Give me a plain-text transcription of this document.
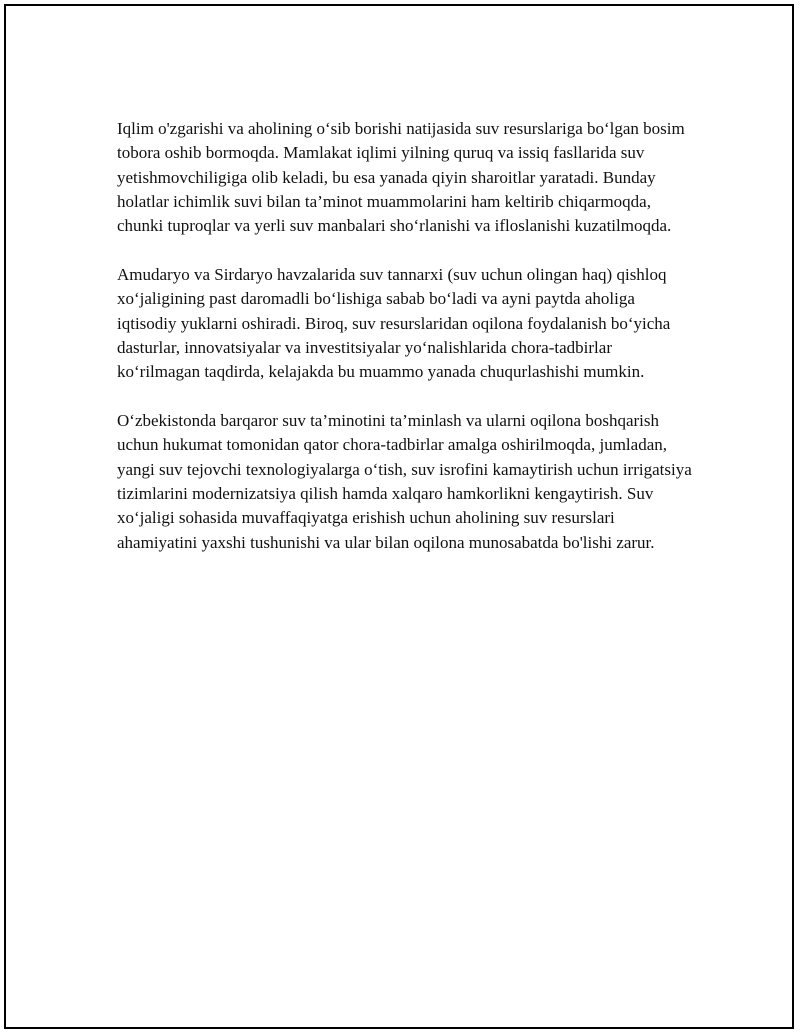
Iqlim o'zgarishi va aholining o‘sib borishi natijasida suv resurslariga bo‘lgan bosim tobora oshib bormoqda. Mamlakat iqlimi yilning quruq va issiq fasllarida suv yetishmovchiligiga olib keladi, bu esa yanada qiyin sharoitlar yaratadi. Bunday holatlar ichimlik suvi bilan ta’minot muammolarini ham keltirib chiqarmoqda, chunki tuproqlar va yerli suv manbalari sho‘rlanishi va ifloslanishi kuzatilmoqda.

Amudaryo va Sirdaryo havzalarida suv tannarxi (suv uchun olingan haq) qishloq xo‘jaligining past daromadli bo‘lishiga sabab bo‘ladi va ayni paytda aholiga iqtisodiy yuklarni oshiradi. Biroq, suv resurslaridan oqilona foydalanish bo‘yicha dasturlar, innovatsiyalar va investitsiyalar yo‘nalishlarida chora-tadbirlar ko‘rilmagan taqdirda, kelajakda bu muammo yanada chuqurlashishi mumkin.

O‘zbekistonda barqaror suv ta’minotini ta’minlash va ularni oqilona boshqarish uchun hukumat tomonidan qator chora-tadbirlar amalga oshirilmoqda, jumladan, yangi suv tejovchi texnologiyalarga o‘tish, suv isrofini kamaytirish uchun irrigatsiya tizimlarini modernizatsiya qilish hamda xalqaro hamkorlikni kengaytirish. Suv xo‘jaligi sohasida muvaffaqiyatga erishish uchun aholining suv resurslari ahamiyatini yaxshi tushunishi va ular bilan oqilona munosabatda bo'lishi zarur.
